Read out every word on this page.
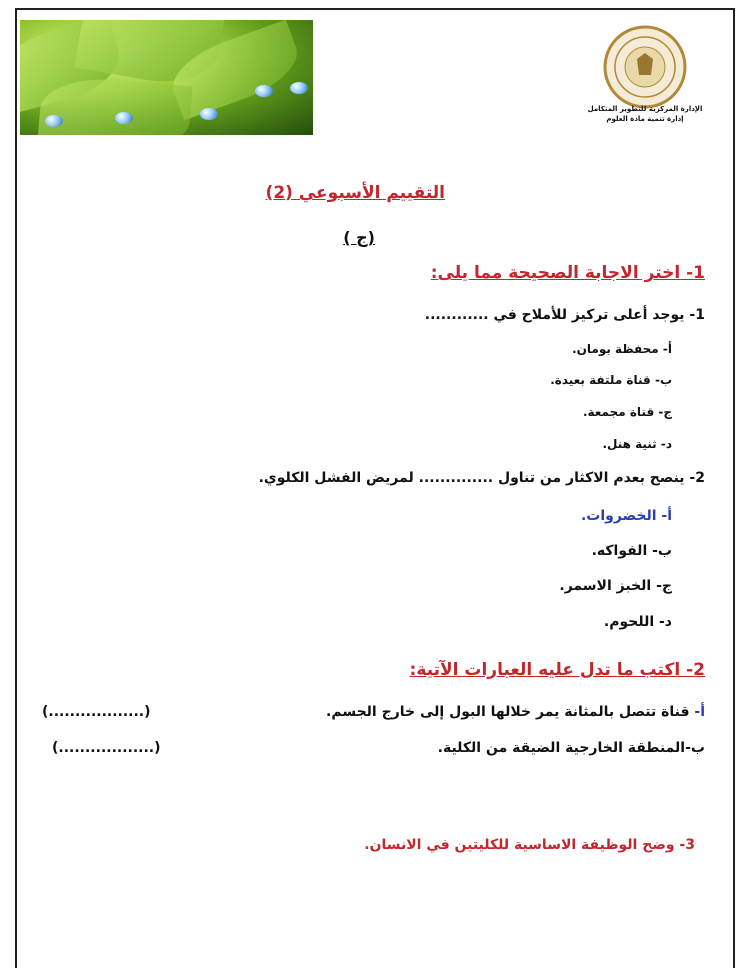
الإدارة المركزية للتطوير المتكامل
إدارة تنمية مادة العلوم
التقييم الأسبوعي (2)
(ج )
1- اختر الاجابة الصحيحة مما يلى:
1- يوجد أعلى تركيز للأملاح في ............
أ- محفظة بومان.
ب- قناة ملتفة بعيدة.
ج- قناة مجمعة.
د- ثنية هنل.
2- ينصح بعدم الاكثار من تناول .............. لمريض الفشل الكلوي.
أ- الخضروات.
ب- الفواكه.
ج- الخبز الاسمر.
د- اللحوم.
2- اكتب ما تدل عليه العبارات الآتية:
أ- قناة تتصل بالمثانة يمر خلالها البول إلى خارج الجسم.
(..................)
ب-المنطقة الخارجية الضيقة من الكلية.
(..................)
3- وضح الوظيفة الاساسية للكليتين في الانسان.
